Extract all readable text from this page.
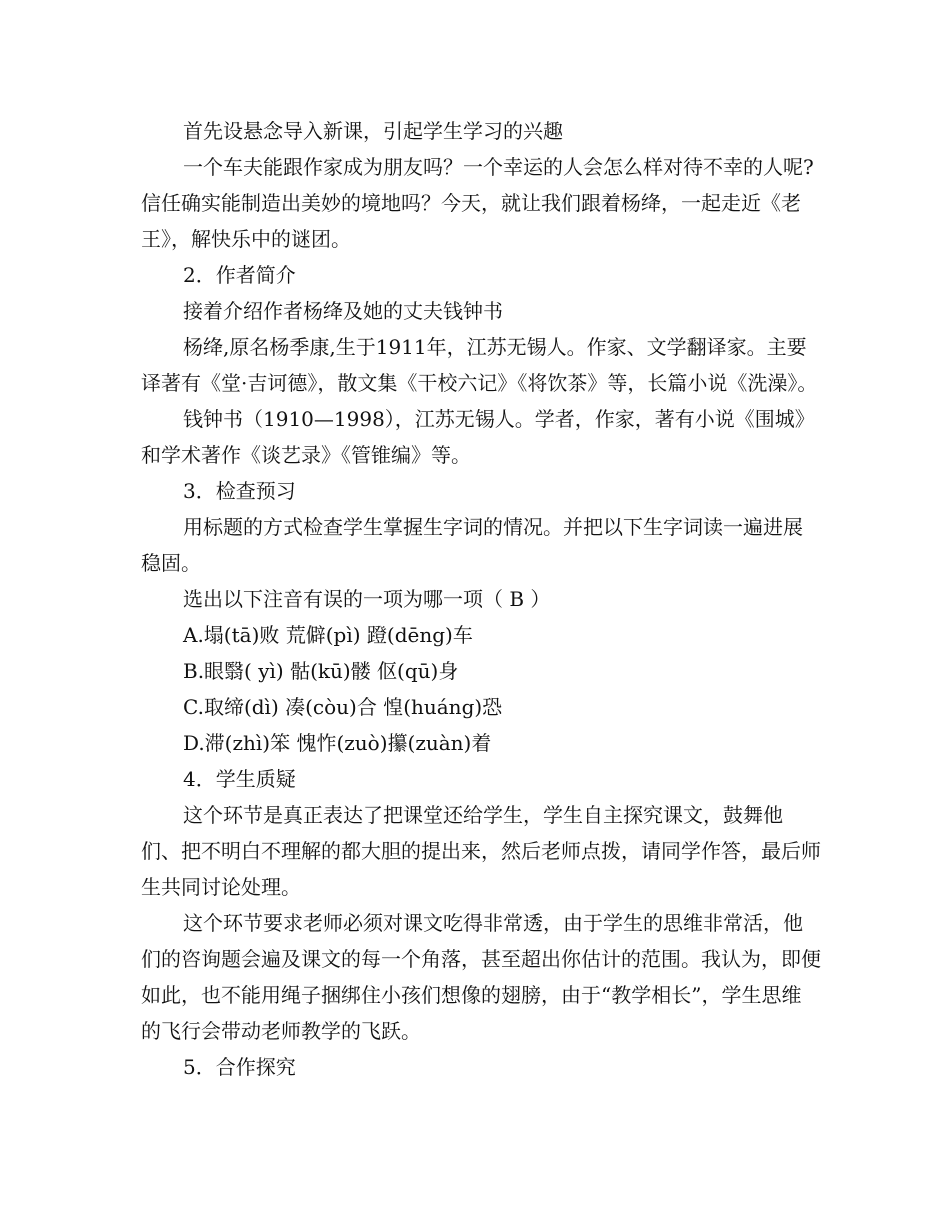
首先设悬念导入新课，引起学生学习的兴趣

一个车夫能跟作家成为朋友吗？一个幸运的人会怎么样对待不幸的人呢?信任确实能制造出美妙的境地吗？今天，就让我们跟着杨绛，一起走近《老王》，解快乐中的谜团。

2．作者简介

接着介绍作者杨绛及她的丈夫钱钟书

杨绛,原名杨季康,生于1911年，江苏无锡人。作家、文学翻译家。主要译著有《堂·吉诃德》，散文集《干校六记》《将饮茶》等，长篇小说《洗澡》。

钱钟书（1910—1998），江苏无锡人。学者，作家，著有小说《围城》和学术著作《谈艺录》《管锥编》等。

3．检查预习

用标题的方式检查学生掌握生字词的情况。并把以下生字词读一遍进展稳固。

选出以下注音有误的一项为哪一项（ B ）

A.塌(tā)败 荒僻(pì) 蹬(dēng)车

B.眼翳( yì) 骷(kū)髅 伛(qū)身

C.取缔(dì) 凑(còu)合 惶(huáng)恐

D.滞(zhì)笨 愧怍(zuò)攥(zuàn)着

4．学生质疑

这个环节是真正表达了把课堂还给学生，学生自主探究课文，鼓舞他们、把不明白不理解的都大胆的提出来，然后老师点拨，请同学作答，最后师生共同讨论处理。

这个环节要求老师必须对课文吃得非常透，由于学生的思维非常活，他们的咨询题会遍及课文的每一个角落，甚至超出你估计的范围。我认为，即便如此，也不能用绳子捆绑住小孩们想像的翅膀，由于“教学相长”，学生思维的飞行会带动老师教学的飞跃。

5．合作探究
